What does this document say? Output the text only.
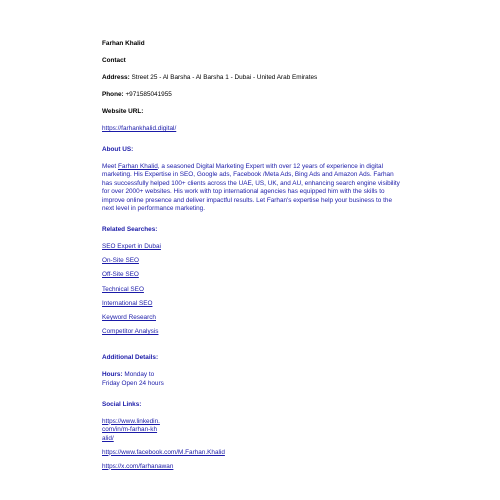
Farhan Khalid
Contact
Address: Street 25 - Al Barsha - Al Barsha 1 - Dubai - United Arab Emirates
Phone: +971585041955
Website URL:
https://farhankhalid.digital/
About US:
Meet Farhan Khalid, a seasoned Digital Marketing Expert with over 12 years of experience in digital marketing. His Expertise in SEO, Google ads, Facebook /Meta Ads, Bing Ads and Amazon Ads. Farhan has successfully helped 100+ clients across the UAE, US, UK, and AU, enhancing search engine visibility for over 2000+ websites. His work with top international agencies has equipped him with the skills to improve online presence and deliver impactful results. Let Farhan's expertise help your business to the next level in performance marketing.
Related Searches:
SEO Expert in Dubai
On-Site SEO
Off-Site SEO
Technical SEO
International SEO
Keyword Research
Competitor Analysis
Additional Details:
Hours: Monday to Friday Open 24 hours
Social Links:
https://www.linkedin.com/in/m-farhan-khalid/
https://www.facebook.com/M.Farhan.Khalid
https://x.com/farhanawan
